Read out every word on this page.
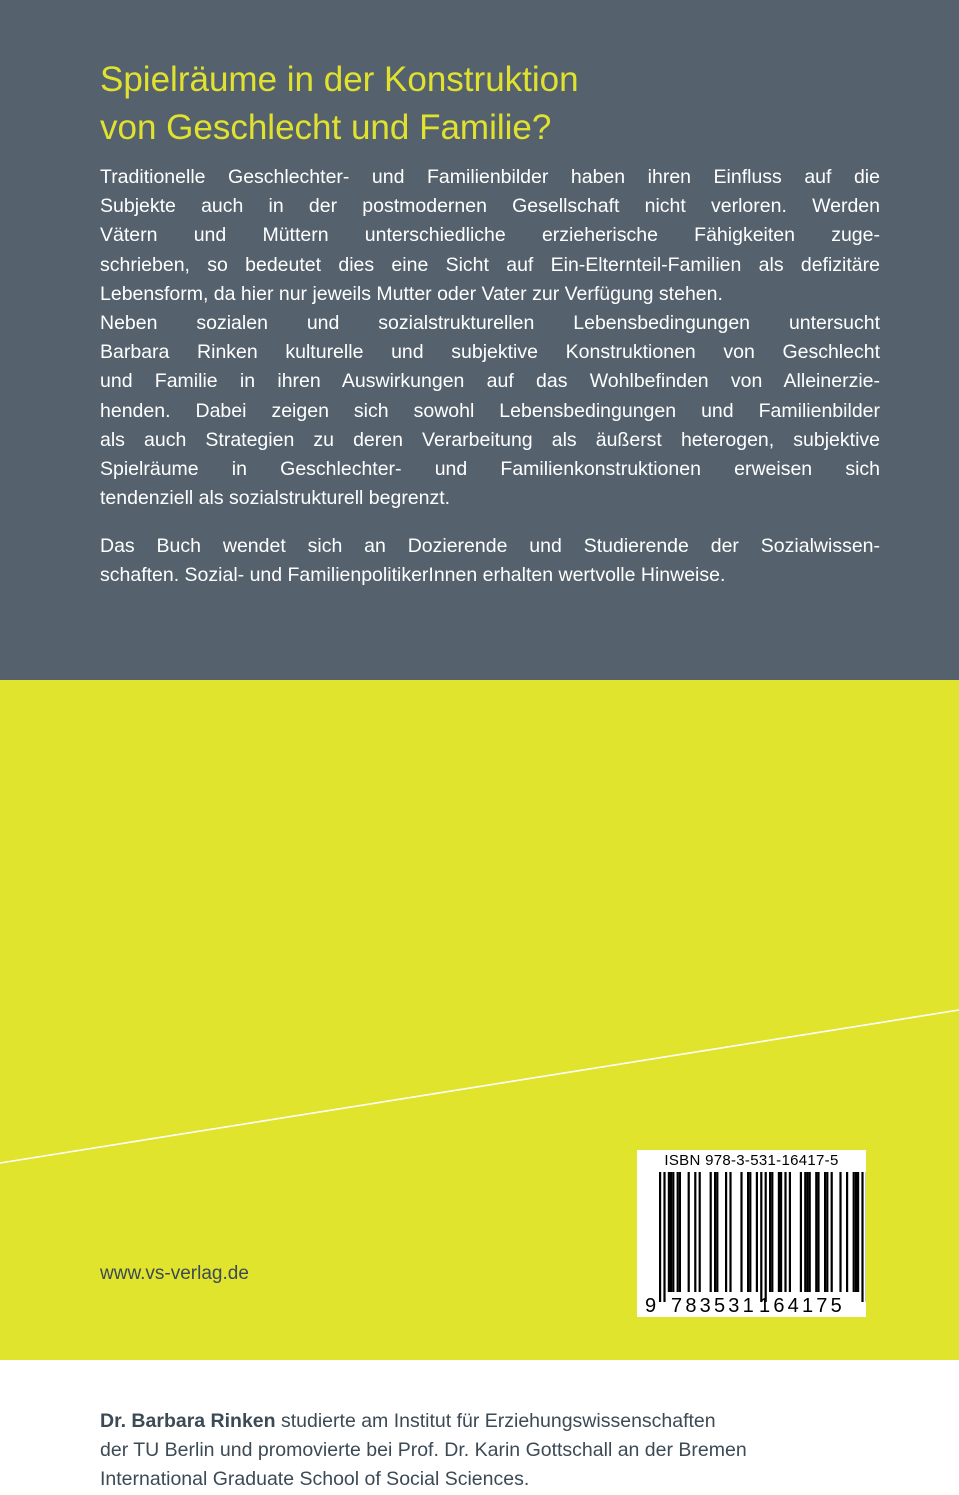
Spielräume in der Konstruktion
von Geschlecht und Familie?
Traditionelle Geschlechter- und Familienbilder haben ihren Einfluss auf die
Subjekte auch in der postmodernen Gesellschaft nicht verloren. Werden
Vätern und Müttern unterschiedliche erzieherische Fähigkeiten zuge-
schrieben, so bedeutet dies eine Sicht auf Ein-Elternteil-Familien als defizitäre
Lebensform, da hier nur jeweils Mutter oder Vater zur Verfügung stehen.
Neben sozialen und sozialstrukturellen Lebensbedingungen untersucht
Barbara Rinken kulturelle und subjektive Konstruktionen von Geschlecht
und Familie in ihren Auswirkungen auf das Wohlbefinden von Alleinerzie-
henden. Dabei zeigen sich sowohl Lebensbedingungen und Familienbilder
als auch Strategien zu deren Verarbeitung als äußerst heterogen, subjektive
Spielräume in Geschlechter- und Familienkonstruktionen erweisen sich
tendenziell als sozialstrukturell begrenzt.
Das Buch wendet sich an Dozierende und Studierende der Sozialwissen-
schaften. Sozial- und FamilienpolitikerInnen erhalten wertvolle Hinweise.
Dr. Barbara Rinken studierte am Institut für Erziehungswissenschaften
der TU Berlin und promovierte bei Prof. Dr. Karin Gottschall an der Bremen
International Graduate School of Social Sciences.
www.vs-verlag.de
ISBN 978-3-531-16417-5
9 783531 164175
